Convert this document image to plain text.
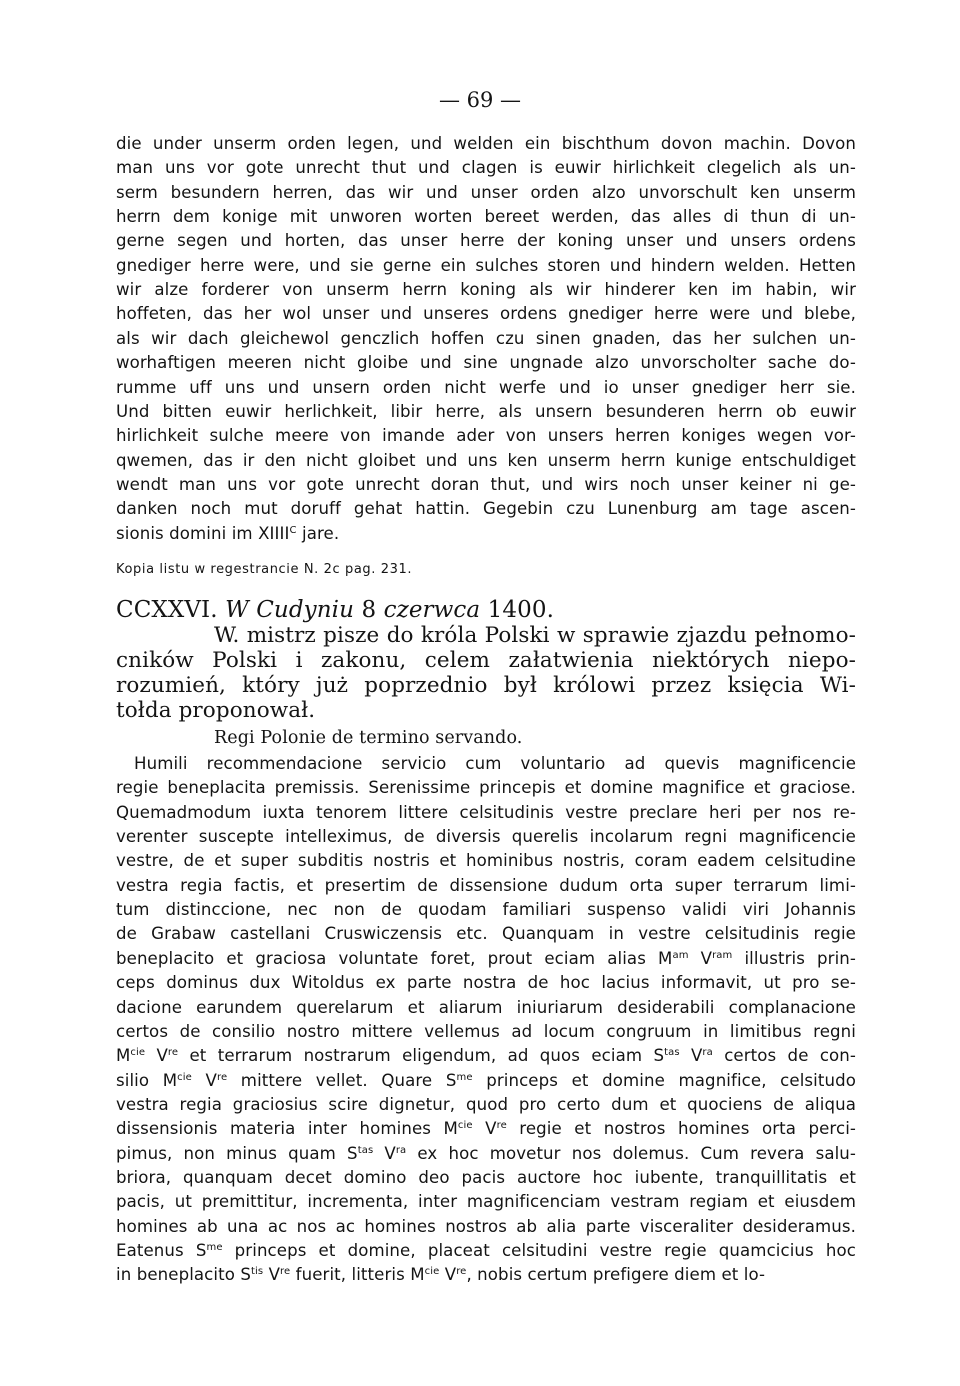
— 69 —
die under unserm orden legen, und welden ein bischthum dovon machin. Dovon
man uns vor gote unrecht thut und clagen is euwir hirlichkeit clegelich als un-
serm besundern herren, das wir und unser orden alzo unvorschult ken unserm
herrn dem konige mit unworen worten bereet werden, das alles di thun di un-
gerne segen und horten, das unser herre der koning unser und unsers ordens
gnediger herre were, und sie gerne ein sulches storen und hindern welden. Hetten
wir alze forderer von unserm herrn koning als wir hinderer ken im habin, wir
hoffeten, das her wol unser und unseres ordens gnediger herre were und blebe,
als wir dach gleichewol genczlich hoffen czu sinen gnaden, das her sulchen un-
worhaftigen meeren nicht gloibe und sine ungnade alzo unvorscholter sache do-
rumme uff uns und unsern orden nicht werfe und io unser gnediger herr sie.
Und bitten euwir herlichkeit, libir herre, als unsern besunderen herrn ob euwir
hirlichkeit sulche meere von imande ader von unsers herren koniges wegen vor-
qwemen, das ir den nicht gloibet und uns ken unserm herrn kunige entschuldiget
wendt man uns vor gote unrecht doran thut, und wirs noch unser keiner ni ge-
danken noch mut doruff gehat hattin. Gegebin czu Lunenburg am tage ascen-
sionis domini im $XIIII^C$ jare.
Kopia listu w regestrancie N. 2c pag. 231.
CCXXVI. W Cudyniu 8 czerwca 1400.
W. mistrz pisze do króla Polski w sprawie zjazdu pełnomo-
cników Polski i zakonu, celem załatwienia niektórych niepo-
rozumień, który już poprzednio był królowi przez księcia Wi-
tołda proponował.
Regi Polonie de termino servando.
Humili recommendacione servicio cum voluntario ad quevis magnificencie
regie beneplacita premissis. Serenissime princepis et domine magnifice et graciose.
Quemadmodum iuxta tenorem littere celsitudinis vestre preclare heri per nos re-
verenter suscepte intelleximus, de diversis querelis incolarum regni magnificencie
vestre, de et super subditis nostris et hominibus nostris, coram eadem celsitudine
vestra regia factis, et presertim de dissensione dudum orta super terrarum limi-
tum distinccione, nec non de quodam familiari suspenso validi viri Johannis
de Grabaw castellani Cruswiczensis etc. Quanquam in vestre celsitudinis regie
beneplacito et graciosa voluntate foret, prout eciam alias $M^{am}$ $V^{ram}$ illustris prin-
ceps dominus dux Witoldus ex parte nostra de hoc lacius informavit, ut pro se-
dacione earundem querelarum et aliarum iniuriarum desiderabili complanacione
certos de consilio nostro mittere vellemus ad locum congruum in limitibus regni
$M^{cie}$ Vre et terrarum nostrarum eligendum, ad quos eciam $S^{tas}$ $V^{ra}$ certos de con-
silio $M^{cie}$ Vre mittere vellet. Quare $S^{me}$ princeps et domine magnifice, celsitudo
vestra regia graciosius scire dignetur, quod pro certo dum et quociens de aliqua
dissensionis materia inter homines $M^{cie}$ Vre regie et nostros homines orta perci-
pimus, non minus quam $S^{tas}$ $V^{ra}$ ex hoc movetur nos dolemus. Cum revera salu-
briora, quanquam decet domino deo pacis auctore hoc iubente, tranquillitatis et
pacis, ut premittitur, incrementa, inter magnificenciam vestram regiam et eiusdem
homines ab una ac nos ac homines nostros ab alia parte visceraliter desideramus.
Eatenus $S^{me}$ princeps et domine, placeat celsitudini vestre regie quamcicius hoc
in beneplacito $S^{tis}$ Vre fuerit, litteris $M^{cie}$ Vre, nobis certum prefigere diem et lo-
